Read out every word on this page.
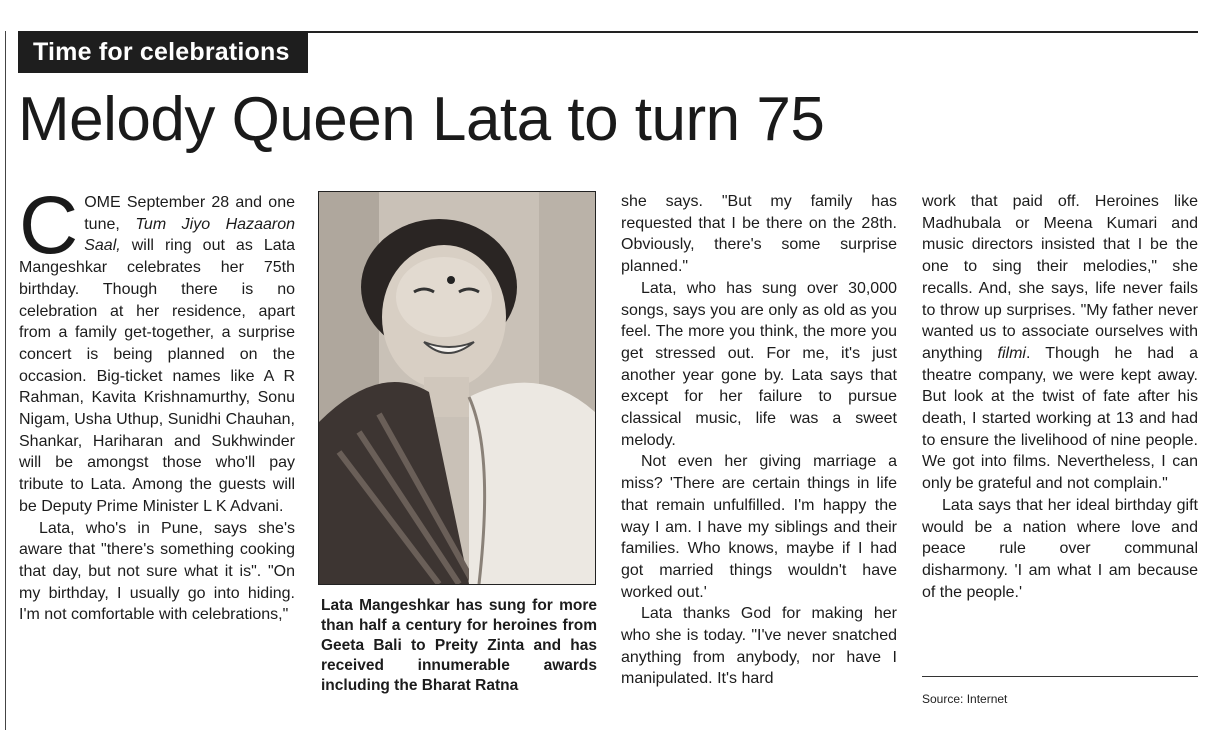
Time for celebrations
Melody Queen Lata to turn 75

COME September 28 and one tune, Tum Jiyo Hazaaron Saal, will ring out as Lata Mangeshkar celebrates her 75th birthday. Though there is no celebration at her residence, apart from a family get-together, a surprise concert is being planned on the occasion. Big-ticket names like A R Rahman, Kavita Krishnamurthy, Sonu Nigam, Usha Uthup, Sunidhi Chauhan, Shankar, Hariharan and Sukhwinder will be amongst those who'll pay tribute to Lata. Among the guests will be Deputy Prime Minister L K Advani.

Lata, who's in Pune, says she's aware that "there's something cooking that day, but not sure what it is". "On my birthday, I usually go into hiding. I'm not comfortable with celebrations,"

Lata Mangeshkar has sung for more than half a century for heroines from Geeta Bali to Preity Zinta and has received innumerable awards including the Bharat Ratna

she says. "But my family has requested that I be there on the 28th. Obviously, there's some surprise planned."

Lata, who has sung over 30,000 songs, says you are only as old as you feel. The more you think, the more you get stressed out. For me, it's just another year gone by. Lata says that except for her failure to pursue classical music, life was a sweet melody.

Not even her giving marriage a miss? 'There are certain things in life that remain unfulfilled. I'm happy the way I am. I have my siblings and their families. Who knows, maybe if I had got married things wouldn't have worked out.'

Lata thanks God for making her who she is today. "I've never snatched anything from anybody, nor have I manipulated. It's hard

work that paid off. Heroines like Madhubala or Meena Kumari and music directors insisted that I be the one to sing their melodies," she recalls. And, she says, life never fails to throw up surprises. "My father never wanted us to associate ourselves with anything filmi. Though he had a theatre company, we were kept away. But look at the twist of fate after his death, I started working at 13 and had to ensure the livelihood of nine people. We got into films. Nevertheless, I can only be grateful and not complain."

Lata says that her ideal birthday gift would be a nation where love and peace rule over communal disharmony. 'I am what I am because of the people.'

Source: Internet
